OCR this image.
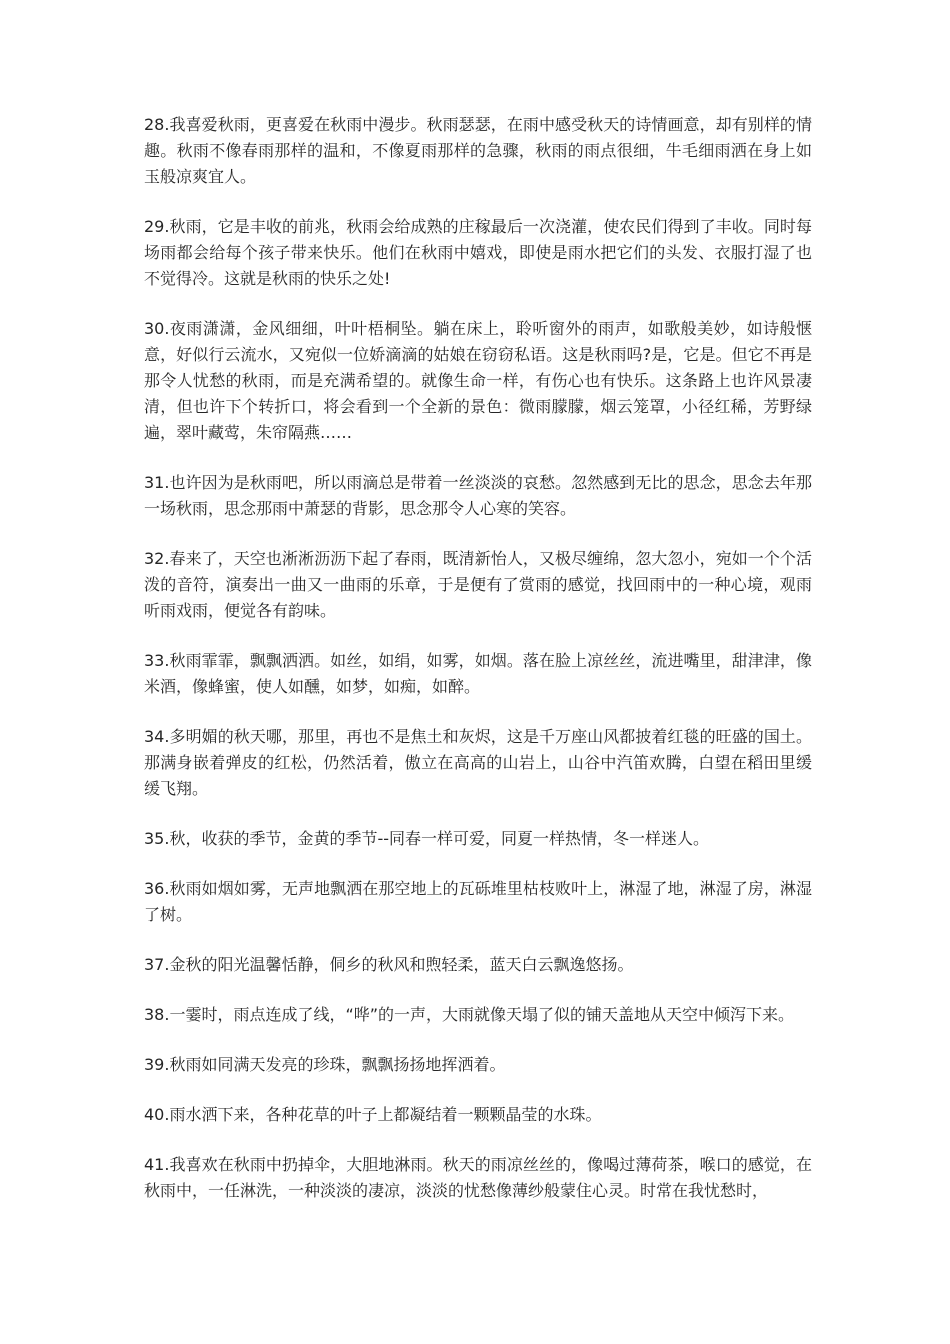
28.我喜爱秋雨，更喜爱在秋雨中漫步。秋雨瑟瑟，在雨中感受秋天的诗情画意，却有别样的情趣。秋雨不像春雨那样的温和，不像夏雨那样的急骤，秋雨的雨点很细，牛毛细雨洒在身上如玉般凉爽宜人。

29.秋雨，它是丰收的前兆，秋雨会给成熟的庄稼最后一次浇灌，使农民们得到了丰收。同时每场雨都会给每个孩子带来快乐。他们在秋雨中嬉戏，即使是雨水把它们的头发、衣服打湿了也不觉得冷。这就是秋雨的快乐之处!

30.夜雨潇潇，金风细细，叶叶梧桐坠。躺在床上，聆听窗外的雨声，如歌般美妙，如诗般惬意，好似行云流水，又宛似一位娇滴滴的姑娘在窃窃私语。这是秋雨吗?是，它是。但它不再是那令人忧愁的秋雨，而是充满希望的。就像生命一样，有伤心也有快乐。这条路上也许风景凄清，但也许下个转折口，将会看到一个全新的景色：微雨朦朦，烟云笼罩，小径红稀，芳野绿遍，翠叶藏莺，朱帘隔燕……

31.也许因为是秋雨吧，所以雨滴总是带着一丝淡淡的哀愁。忽然感到无比的思念，思念去年那一场秋雨，思念那雨中萧瑟的背影，思念那令人心寒的笑容。

32.春来了，天空也淅淅沥沥下起了春雨，既清新怡人，又极尽缠绵，忽大忽小，宛如一个个活泼的音符，演奏出一曲又一曲雨的乐章，于是便有了赏雨的感觉，找回雨中的一种心境，观雨听雨戏雨，便觉各有韵味。

33.秋雨霏霏，飘飘洒洒。如丝，如绢，如雾，如烟。落在脸上凉丝丝，流进嘴里，甜津津，像米酒，像蜂蜜，使人如醺，如梦，如痴，如醉。

34.多明媚的秋天哪，那里，再也不是焦土和灰烬，这是千万座山风都披着红毯的旺盛的国土。那满身嵌着弹皮的红松，仍然活着，傲立在高高的山岩上，山谷中汽笛欢腾，白望在稻田里缓缓飞翔。

35.秋，收获的季节，金黄的季节--同春一样可爱，同夏一样热情，冬一样迷人。

36.秋雨如烟如雾，无声地飘洒在那空地上的瓦砾堆里枯枝败叶上，淋湿了地，淋湿了房，淋湿了树。

37.金秋的阳光温馨恬静，侗乡的秋风和煦轻柔，蓝天白云飘逸悠扬。

38.一霎时，雨点连成了线，“哗”的一声，大雨就像天塌了似的铺天盖地从天空中倾泻下来。

39.秋雨如同满天发亮的珍珠，飘飘扬扬地挥洒着。

40.雨水洒下来，各种花草的叶子上都凝结着一颗颗晶莹的水珠。

41.我喜欢在秋雨中扔掉伞，大胆地淋雨。秋天的雨凉丝丝的，像喝过薄荷茶，喉口的感觉，在秋雨中，一任淋洗，一种淡淡的凄凉，淡淡的忧愁像薄纱般蒙住心灵。时常在我忧愁时，
